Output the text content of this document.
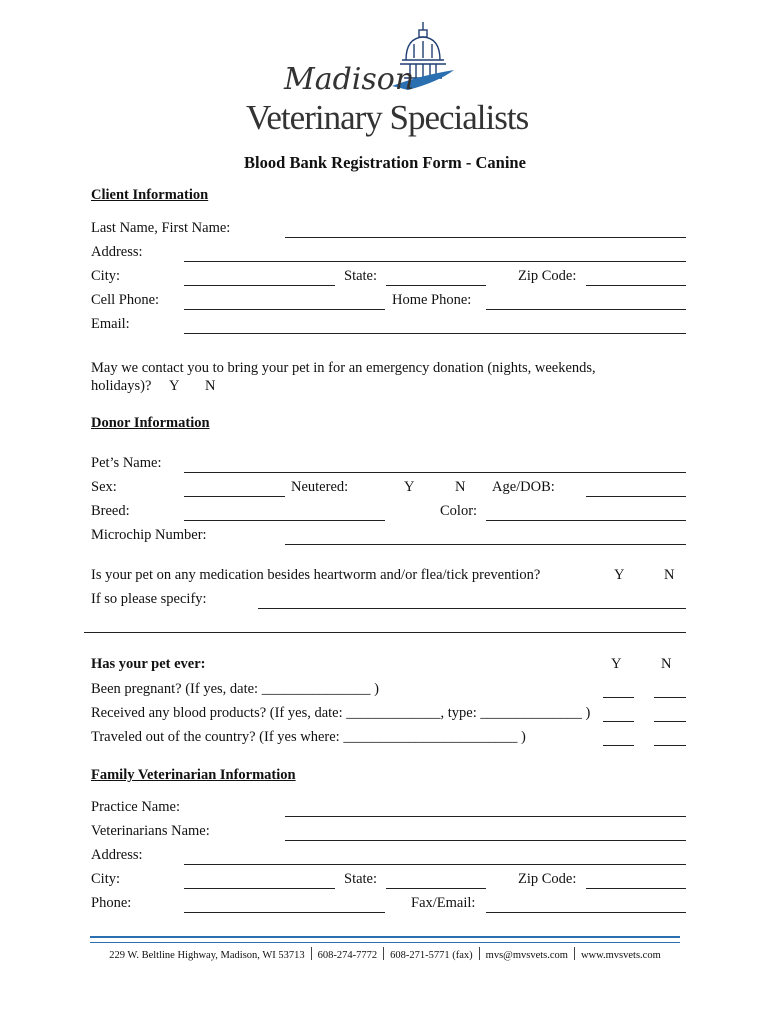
Madison
Veterinary Specialists
Blood Bank Registration Form - Canine
Client Information
Last Name, First Name:
Address:
City:	State:	Zip Code:
Cell Phone:	Home Phone:
Email:
May we contact you to bring your pet in for an emergency donation (nights, weekends,
holidays)? Y N
Donor Information
Pet’s Name:
Sex:	Neutered:	Y	N Age/DOB:
Breed:	Color:
Microchip Number:
Is your pet on any medication besides heartworm and/or flea/tick prevention?	Y	N
If so please specify:
Has your pet ever:	Y	N
Been pregnant? (If yes, date: _______________ )
Received any blood products? (If yes, date: _____________, type: ______________ )
Traveled out of the country? (If yes where: ________________________ )
Family Veterinarian Information
Practice Name:
Veterinarians Name:
Address:
City:	State:	Zip Code:
Phone:	Fax/Email:
229 W. Beltline Highway, Madison, WI 53713 608-274-7772 608-271-5771 (fax) mvs@mvsvets.com www.mvsvets.com
